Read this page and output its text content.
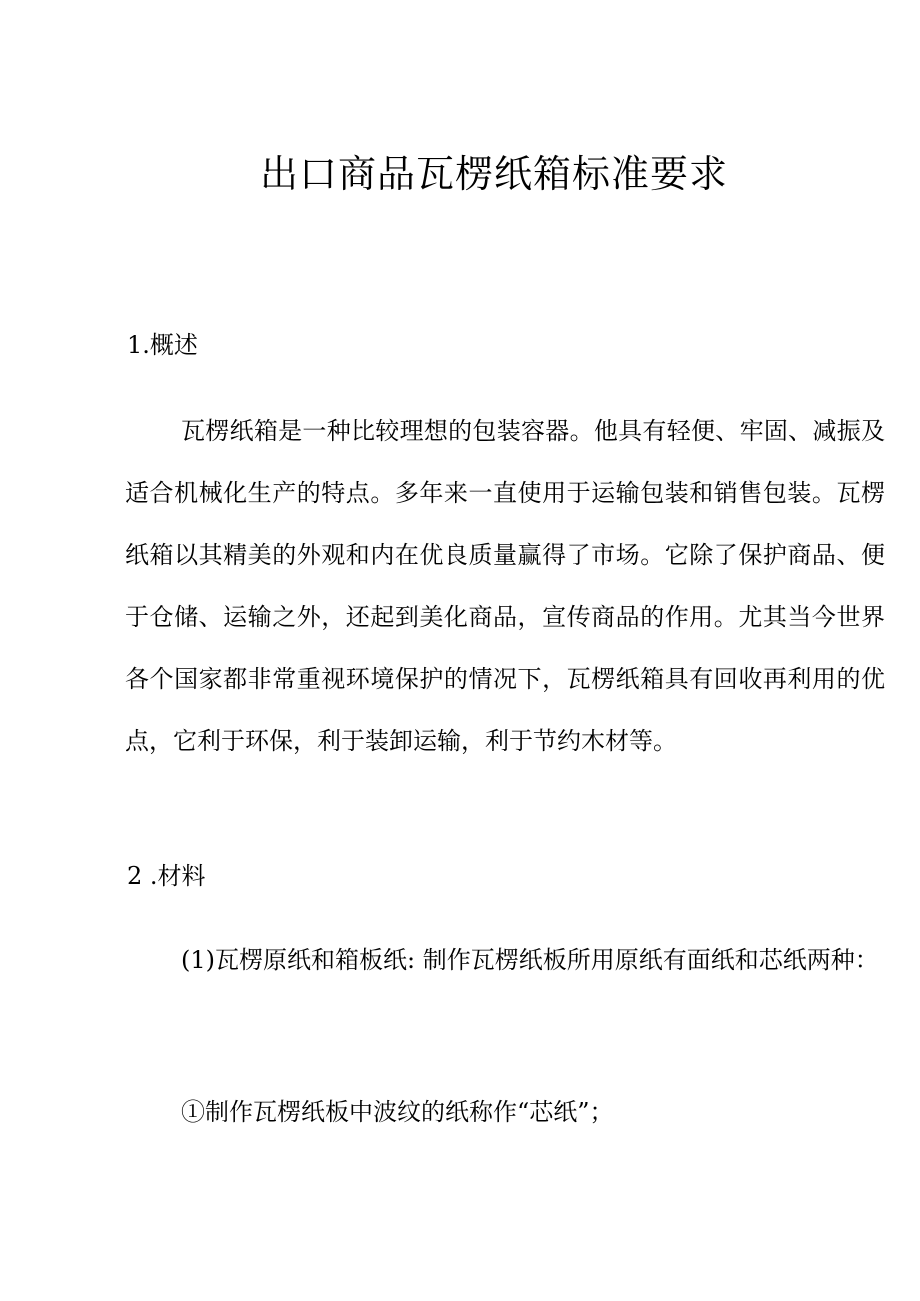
出口商品瓦楞纸箱标准要求
1.概述

瓦楞纸箱是一种比较理想的包装容器。他具有轻便、牢固、减振及适合机械化生产的特点。多年来一直使用于运输包装和销售包装。瓦楞纸箱以其精美的外观和内在优良质量赢得了市场。它除了保护商品、便于仓储、运输之外，还起到美化商品，宣传商品的作用。尤其当今世界各个国家都非常重视环境保护的情况下，瓦楞纸箱具有回收再利用的优点，它利于环保，利于装卸运输，利于节约木材等。

2 .材料

(1)瓦楞原纸和箱板纸: 制作瓦楞纸板所用原纸有面纸和芯纸两种：

①制作瓦楞纸板中波纹的纸称作“芯纸”；
